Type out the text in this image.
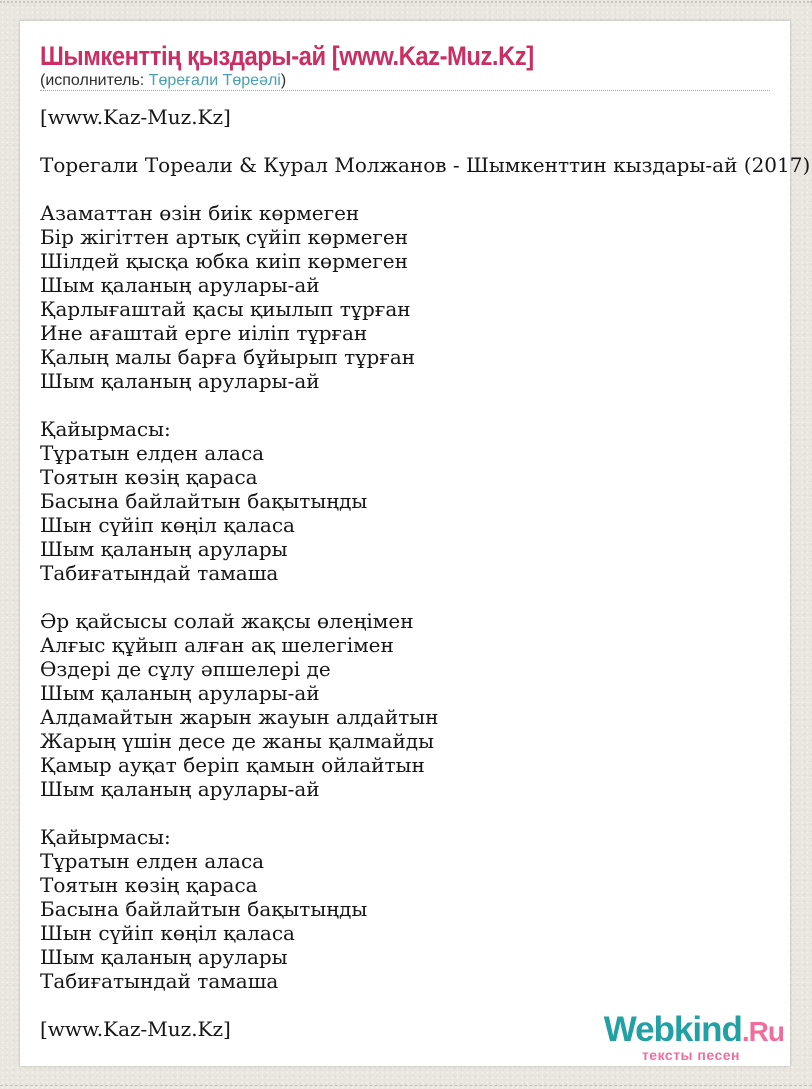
Шымкенттің қыздары-ай [www.Kaz-Muz.Kz]
(исполнитель: Төреғали Төреәлі)
[www.Kaz-Muz.Kz]

Торегали Тореали & Курал Молжанов - Шымкенттин кыздары-ай (2017)

Азаматтан өзін биік көрмеген
Бір жігіттен артық сүйіп көрмеген
Шілдей қысқа юбка киіп көрмеген
Шым қаланың арулары-ай
Қарлығаштай қасы қиылып тұрған
Ине ағаштай ерге иіліп тұрған
Қалың малы барға бұйырып тұрған
Шым қаланың арулары-ай

Қайырмасы:
Тұратын елден аласа
Тоятын көзің қараса
Басына байлайтын бақытыңды
Шын сүйіп көңіл қаласа
Шым қаланың арулары
Табиғатындай тамаша

Әр қайсысы солай жақсы өлеңімен
Алғыс құйып алған ақ шелегімен
Өздері де сұлу әпшелері де
Шым қаланың арулары-ай
Алдамайтын жарын жауын алдайтын
Жарың үшін десе де жаны қалмайды
Қамыр ауқат беріп қамын ойлайтын
Шым қаланың арулары-ай

Қайырмасы:
Тұратын елден аласа
Тоятын көзің қараса
Басына байлайтын бақытыңды
Шын сүйіп көңіл қаласа
Шым қаланың арулары
Табиғатындай тамаша

[www.Kaz-Muz.Kz]	Webkind.Ru
тексты песен
